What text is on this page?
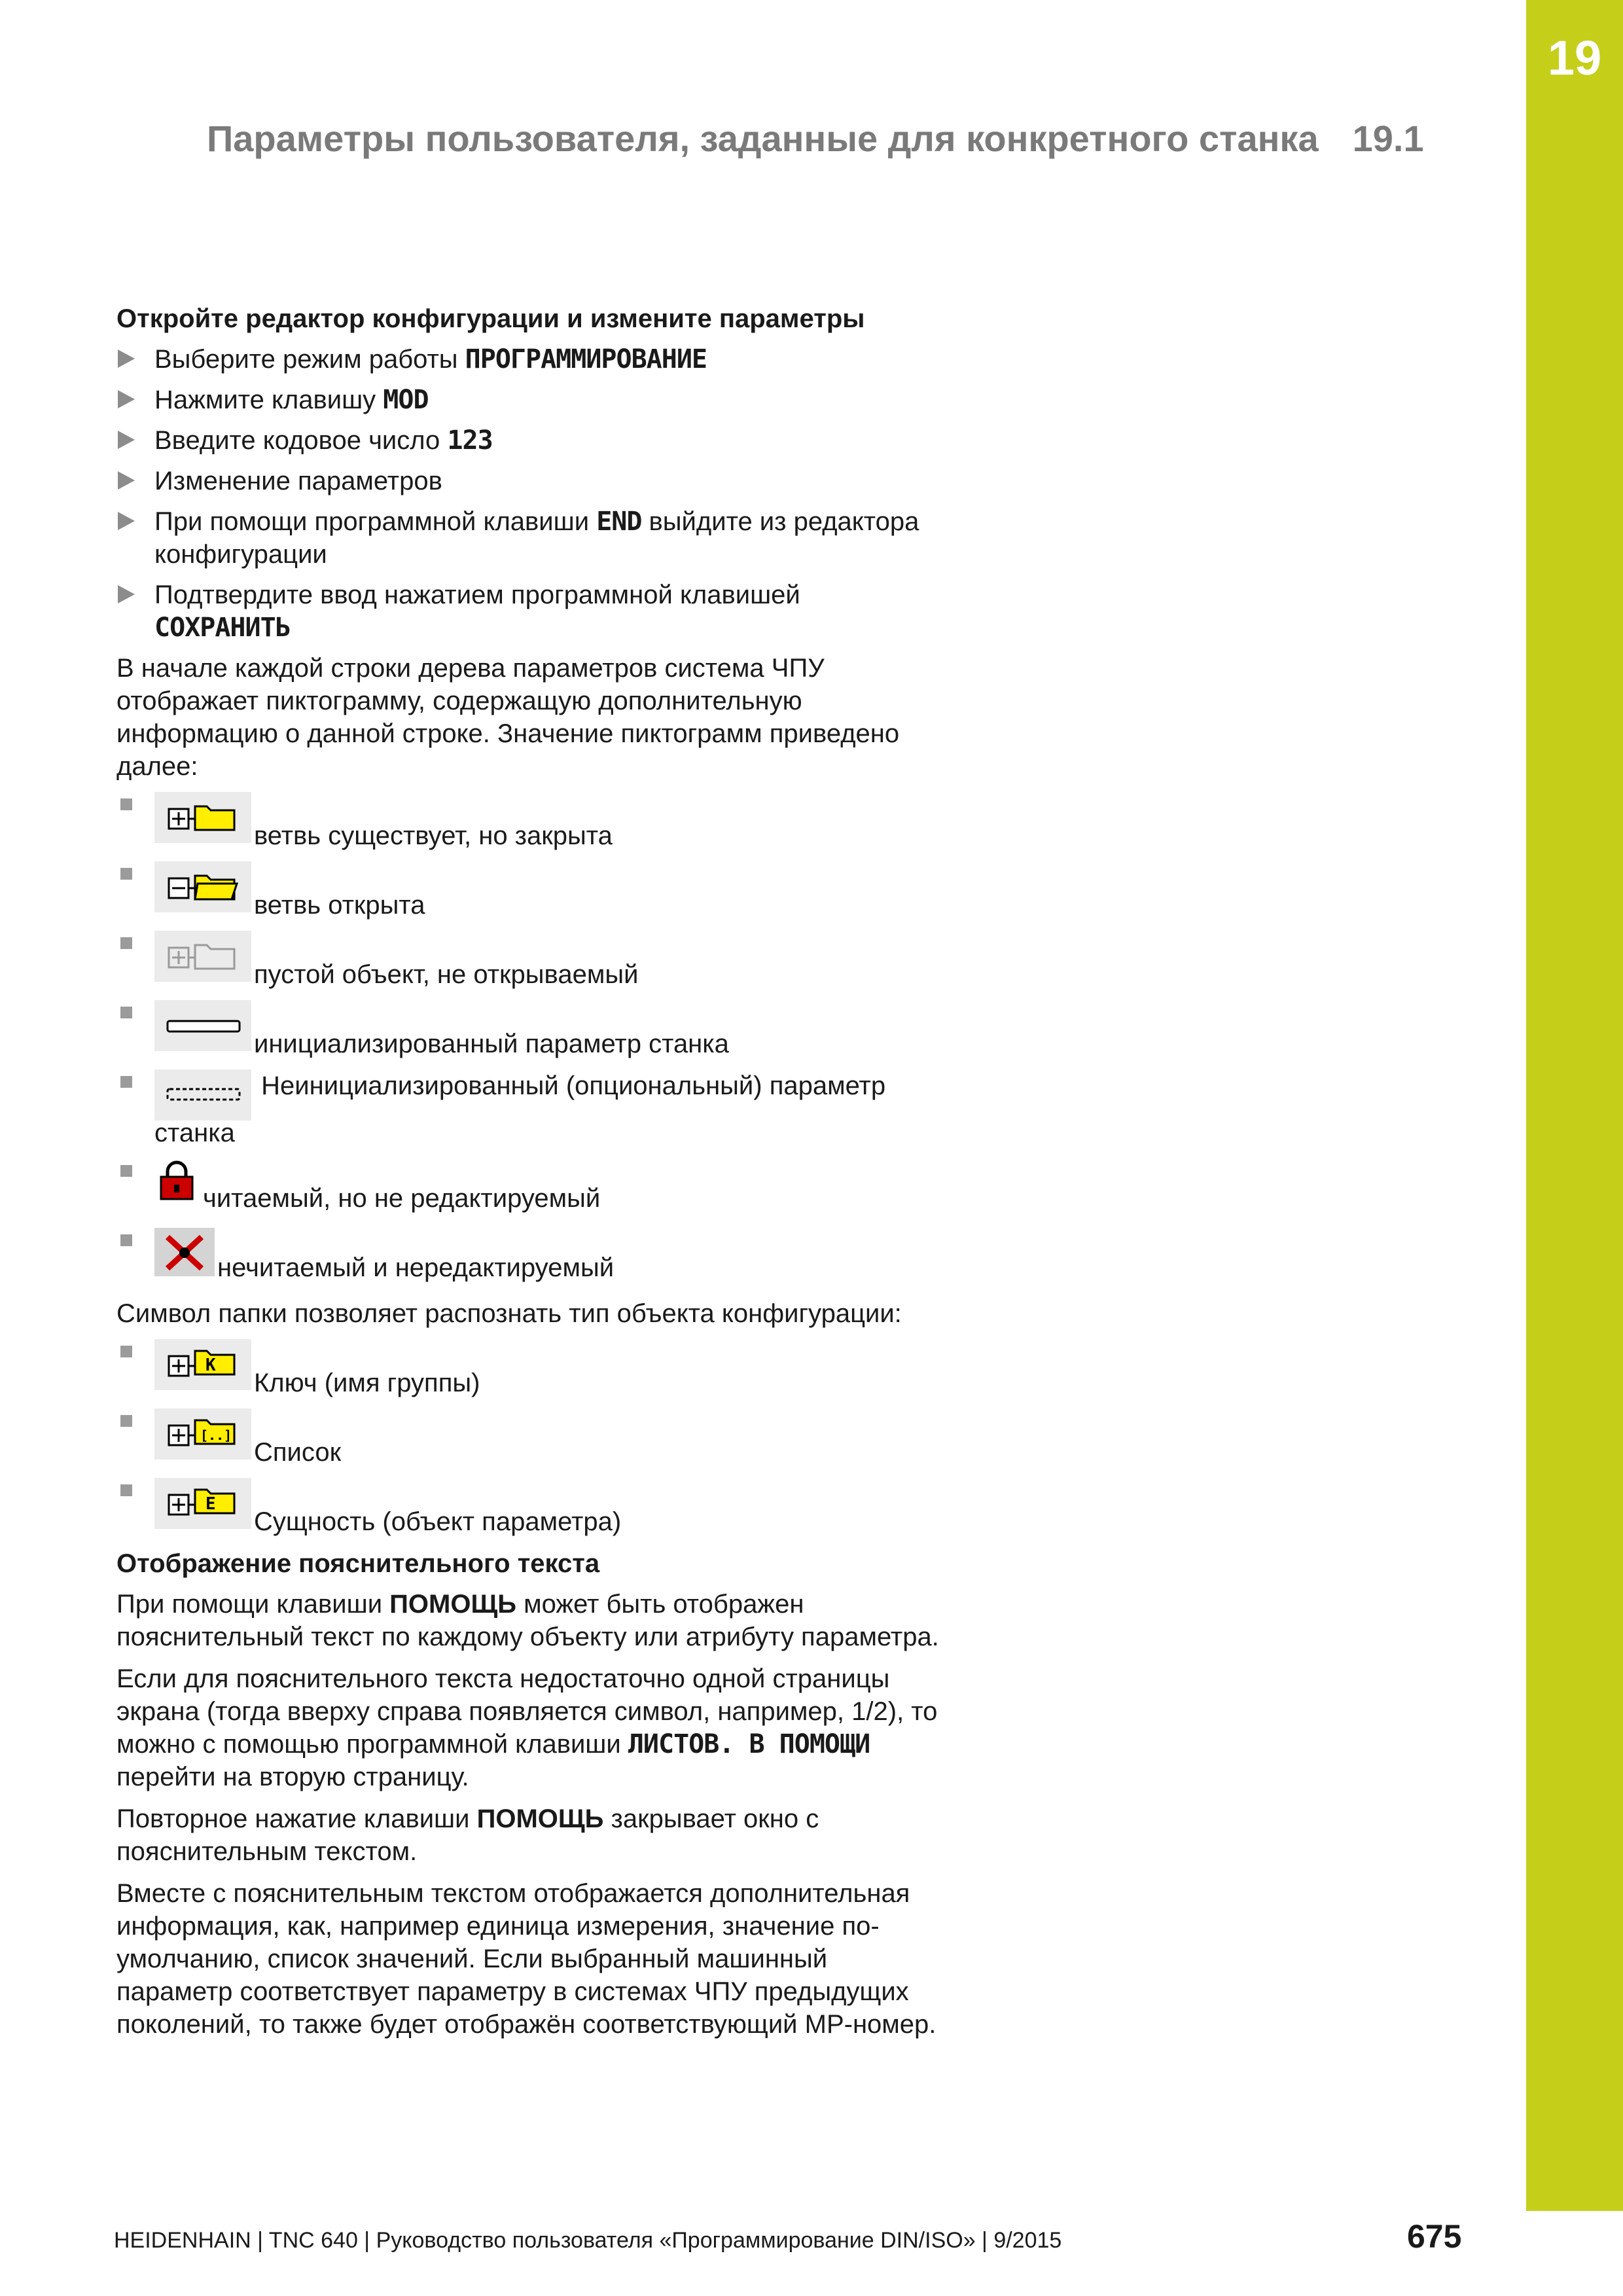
19
Параметры пользователя, заданные для конкретного станка 19.1

Откройте редактор конфигурации и измените параметры

Выберите режим работы ПРОГРАММИРОВАНИЕ
Нажмите клавишу MOD
Введите кодовое число 123
Изменение параметров
При помощи программной клавиши END выйдите из редактора конфигурации
Подтвердите ввод нажатием программной клавишей СОХРАНИТЬ

В начале каждой строки дерева параметров система ЧПУ отображает пиктограмму, содержащую дополнительную информацию о данной строке. Значение пиктограмм приведено далее:

ветвь существует, но закрыта
ветвь открыта
пустой объект, не открываемый
инициализированный параметр станка
Неинициализированный (опциональный) параметр станка
читаемый, но не редактируемый
нечитаемый и нередактируемый

Символ папки позволяет распознать тип объекта конфигурации:

K
Ключ (имя группы)
[..]
Список
E
Сущность (объект параметра)

Отображение пояснительного текста

При помощи клавиши ПОМОЩЬ может быть отображен пояснительный текст по каждому объекту или атрибуту параметра.

Если для пояснительного текста недостаточно одной страницы экрана (тогда вверху справа появляется символ, например, 1/2), то можно с помощью программной клавиши ЛИСТОВ. В ПОМОЩИ перейти на вторую страницу.

Повторное нажатие клавиши ПОМОЩЬ закрывает окно с пояснительным текстом.

Вместе с пояснительным текстом отображается дополнительная информация, как, например единица измерения, значение по-умолчанию, список значений. Если выбранный машинный параметр соответствует параметру в системах ЧПУ предыдущих поколений, то также будет отображён соответствующий МР-номер.

HEIDENHAIN | TNC 640 | Руководство пользователя «Программирование DIN/ISO» | 9/2015	675
